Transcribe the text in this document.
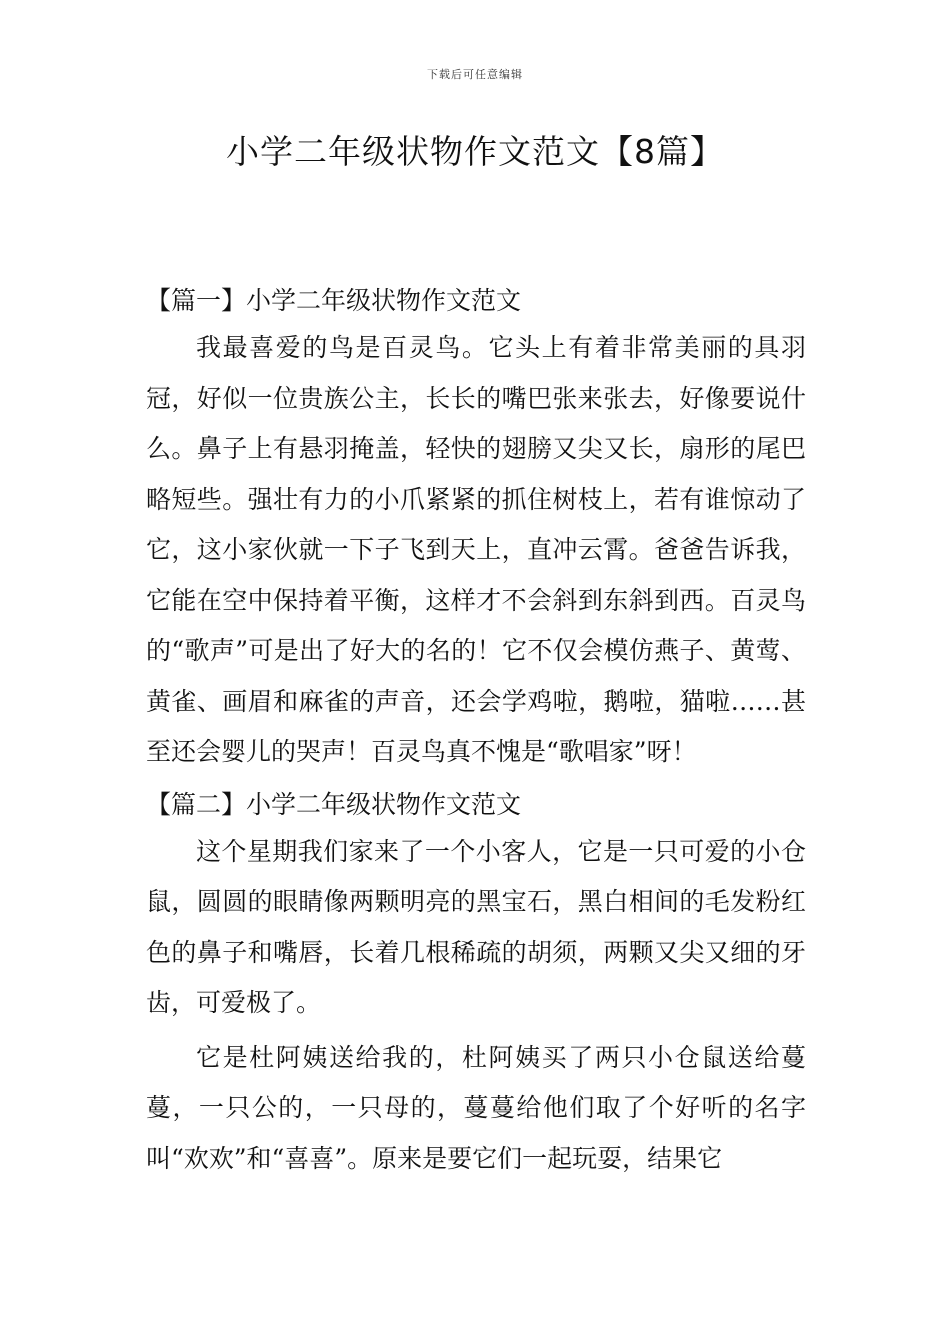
下载后可任意编辑
小学二年级状物作文范文【8篇】
【篇一】小学二年级状物作文范文

我最喜爱的鸟是百灵鸟。它头上有着非常美丽的具羽冠，好似一位贵族公主，长长的嘴巴张来张去，好像要说什么。鼻子上有悬羽掩盖，轻快的翅膀又尖又长，扇形的尾巴略短些。强壮有力的小爪紧紧的抓住树枝上，若有谁惊动了它，这小家伙就一下子飞到天上，直冲云霄。爸爸告诉我，它能在空中保持着平衡，这样才不会斜到东斜到西。百灵鸟的“歌声”可是出了好大的名的！它不仅会模仿燕子、黄莺、黄雀、画眉和麻雀的声音，还会学鸡啦，鹅啦，猫啦……甚至还会婴儿的哭声！百灵鸟真不愧是“歌唱家”呀！

【篇二】小学二年级状物作文范文

这个星期我们家来了一个小客人，它是一只可爱的小仓鼠，圆圆的眼睛像两颗明亮的黑宝石，黑白相间的毛发粉红色的鼻子和嘴唇，长着几根稀疏的胡须，两颗又尖又细的牙齿，可爱极了。

它是杜阿姨送给我的，杜阿姨买了两只小仓鼠送给蔓蔓，一只公的，一只母的，蔓蔓给他们取了个好听的名字叫“欢欢”和“喜喜”。原来是要它们一起玩耍，结果它
